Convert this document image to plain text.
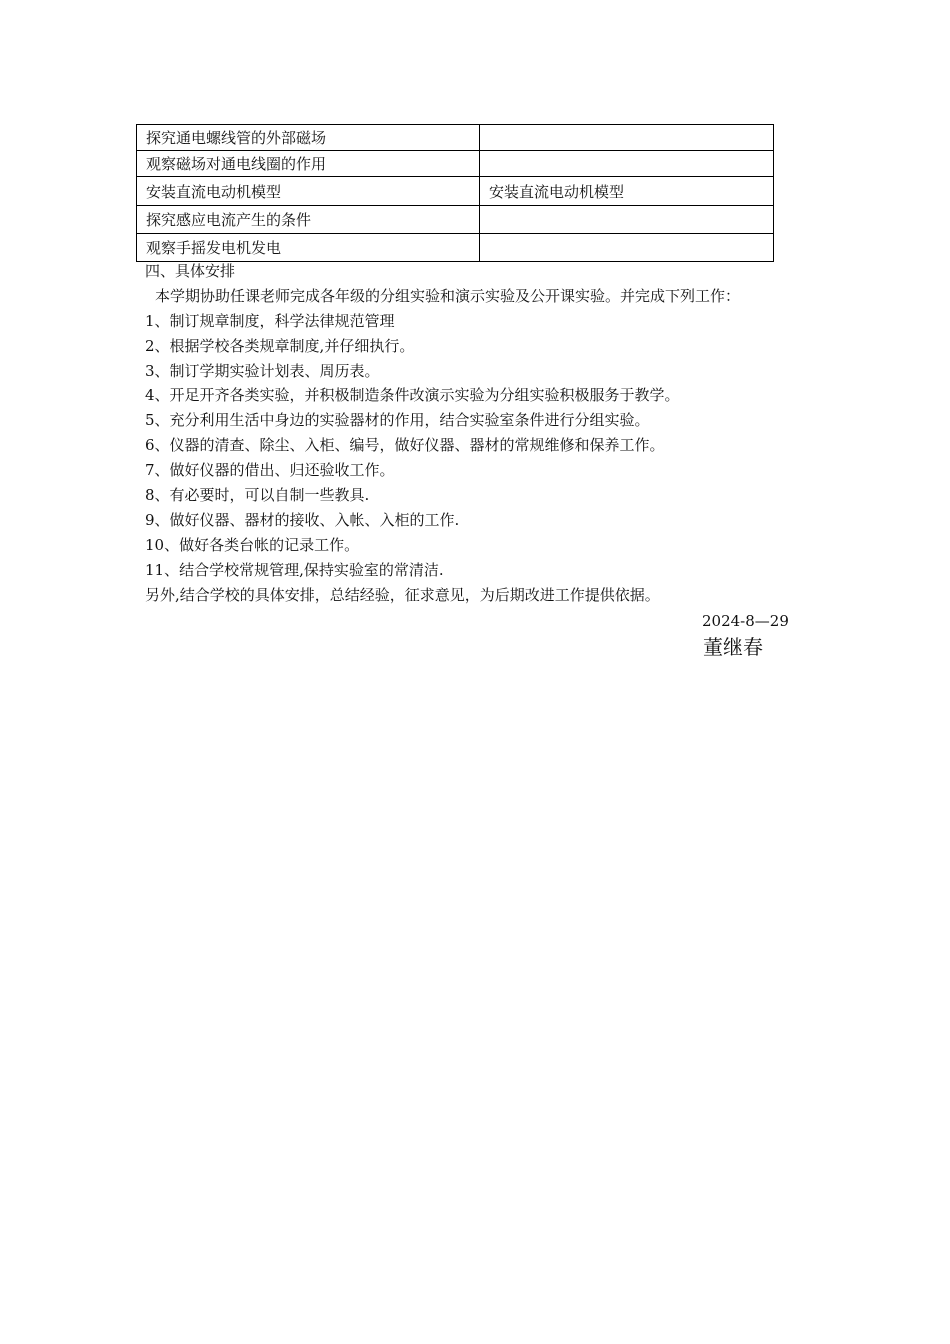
探究通电螺线管的外部磁场	
观察磁场对通电线圈的作用	
安装直流电动机模型	安装直流电动机模型
探究感应电流产生的条件	
观察手摇发电机发电	
四、具体安排
本学期协助任课老师完成各年级的分组实验和演示实验及公开课实验。并完成下列工作：
1、制订规章制度，科学法律规范管理
2、根据学校各类规章制度,并仔细执行。
3、制订学期实验计划表、周历表。
4、开足开齐各类实验，并积极制造条件改演示实验为分组实验积极服务于教学。
5、充分利用生活中身边的实验器材的作用，结合实验室条件进行分组实验。
6、仪器的清查、除尘、入柜、编号，做好仪器、器材的常规维修和保养工作。
7、做好仪器的借出、归还验收工作。
8、有必要时，可以自制一些教具.
9、做好仪器、器材的接收、入帐、入柜的工作.
10、做好各类台帐的记录工作。
11、结合学校常规管理,保持实验室的常清洁.
另外,结合学校的具体安排，总结经验，征求意见，为后期改进工作提供依据。
2024-8—29
董继春
